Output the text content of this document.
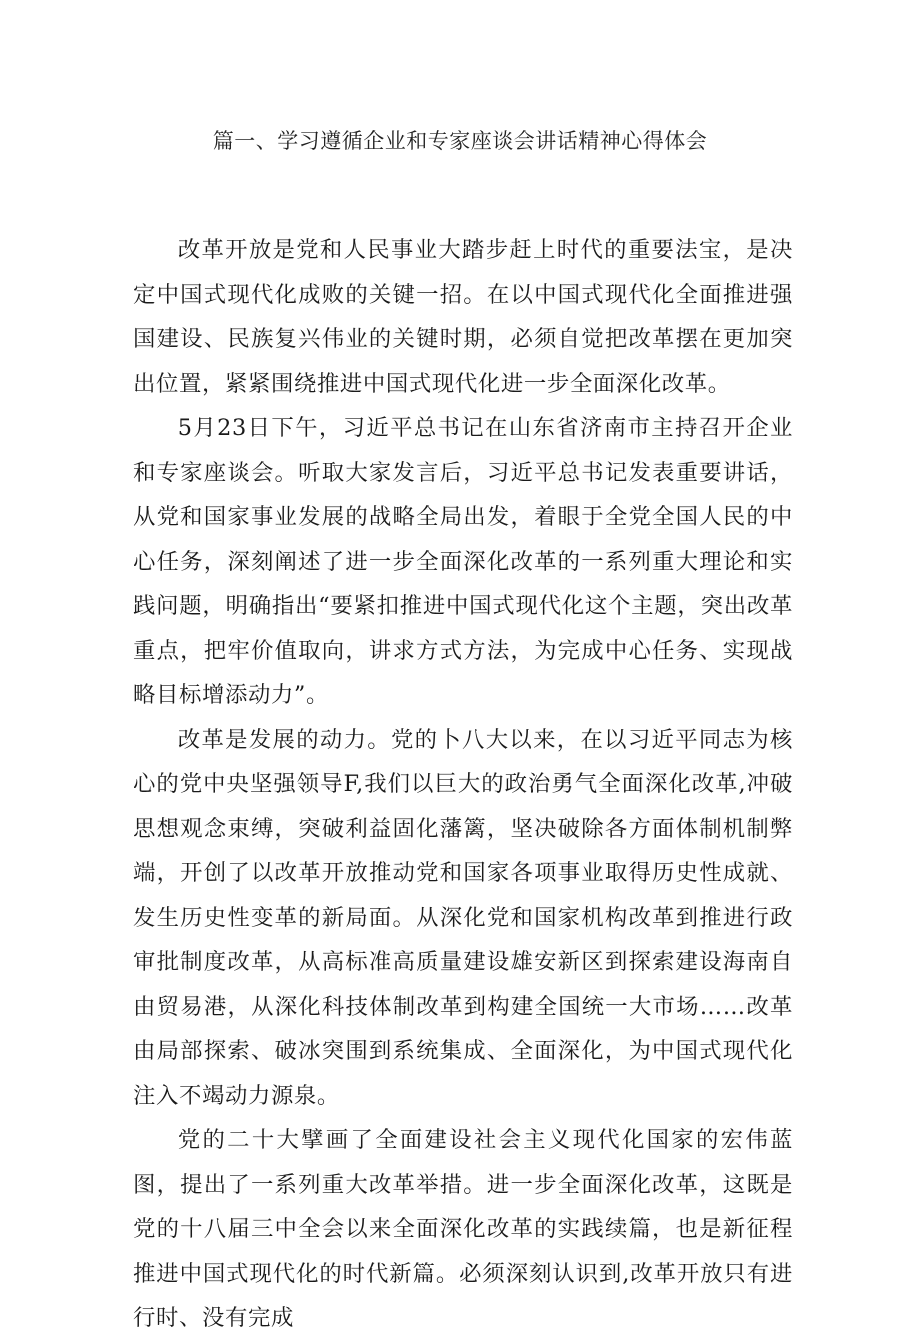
篇一、学习遵循企业和专家座谈会讲话精神心得体会

改革开放是党和人民事业大踏步赶上时代的重要法宝，是决定中国式现代化成败的关键一招。在以中国式现代化全面推进强国建设、民族复兴伟业的关键时期，必须自觉把改革摆在更加突出位置，紧紧围绕推进中国式现代化进一步全面深化改革。

5月23日下午，习近平总书记在山东省济南市主持召开企业和专家座谈会。听取大家发言后，习近平总书记发表重要讲话，从党和国家事业发展的战略全局出发，着眼于全党全国人民的中心任务，深刻阐述了进一步全面深化改革的一系列重大理论和实践问题，明确指出“要紧扣推进中国式现代化这个主题，突出改革重点，把牢价值取向，讲求方式方法，为完成中心任务、实现战略目标增添动力”。

改革是发展的动力。党的卜八大以来，在以习近平同志为核心的党中央坚强领导F,我们以巨大的政治勇气全面深化改革,冲破思想观念束缚，突破利益固化藩篱，坚决破除各方面体制机制弊端，开创了以改革开放推动党和国家各项事业取得历史性成就、发生历史性变革的新局面。从深化党和国家机构改革到推进行政审批制度改革，从高标准高质量建设雄安新区到探索建设海南自由贸易港，从深化科技体制改革到构建全国统一大市场……改革由局部探索、破冰突围到系统集成、全面深化，为中国式现代化注入不竭动力源泉。

党的二十大擘画了全面建设社会主义现代化国家的宏伟蓝图，提出了一系列重大改革举措。进一步全面深化改革，这既是党的十八届三中全会以来全面深化改革的实践续篇，也是新征程推进中国式现代化的时代新篇。必须深刻认识到,改革开放只有进行时、没有完成
